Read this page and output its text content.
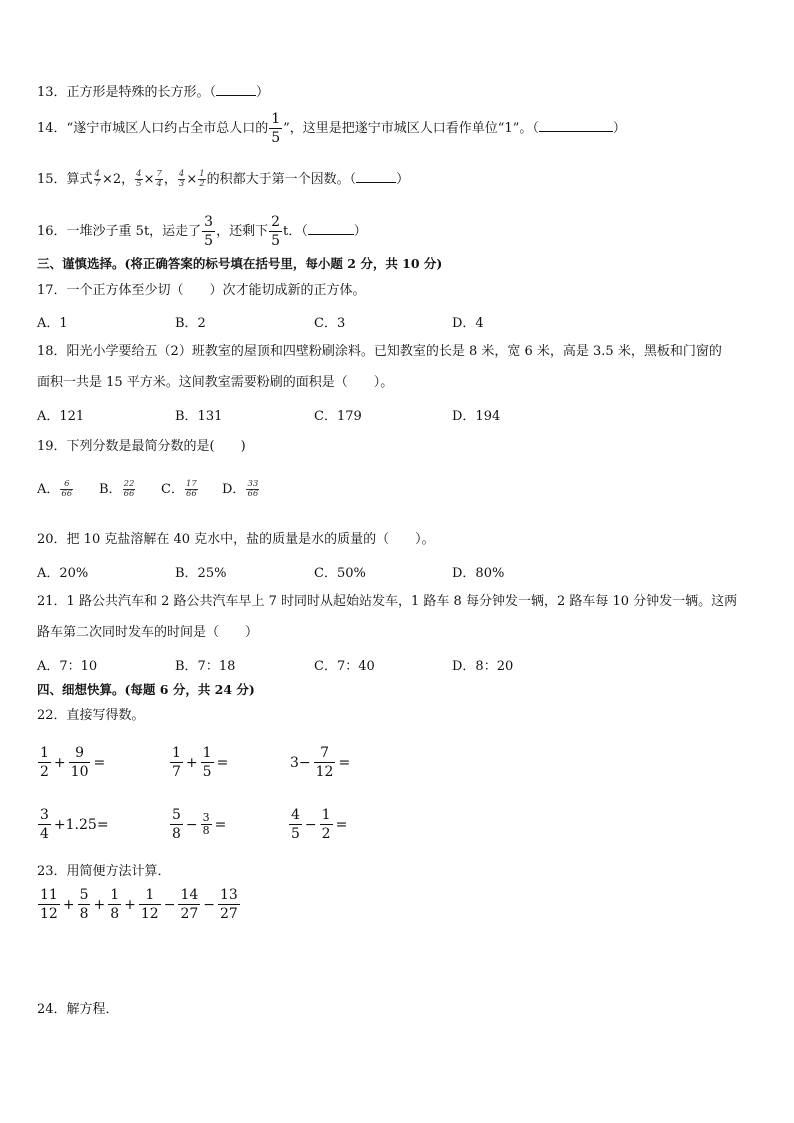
13．正方形是特殊的长方形。（	）
14．“遂宁市城区人口约占全市总人口的 $\frac{1}{5}$ ”，这里是把遂宁市城区人口看作单位“1”。（	）
15．算式 $\frac{4}{7} \times 2$， $\frac{4}{5} \times \frac{7}{4}$ ， $\frac{4}{3} \times \frac{1}{2}$ 的积都大于第一个因数。（	）
16．一堆沙子重 5t，运走了 $\frac{3}{5}$ ，还剩下 $\frac{2}{5}$ t．（	）
三、谨慎选择。(将正确答案的标号填在括号里，每小题 2 分，共 10 分)
17．一个正方体至少切（　　）次才能切成新的正方体。
A．1	B．2	C．3	D．4
18．阳光小学要给五（2）班教室的屋顶和四壁粉刷涂料。已知教室的长是 8 米，宽 6 米，高是 3.5 米，黑板和门窗的
面积一共是 15 平方米。这间教室需要粉刷的面积是（　　）。
A．121	B．131	C．179	D．194
19．下列分数是最简分数的是(　　)
A． $\frac{6}{66}$ B． $\frac{22}{66}$ C． $\frac{17}{66}$ D． $\frac{33}{66}$
20．把 10 克盐溶解在 40 克水中，盐的质量是水的质量的（　　）。
A．20%	B．25%	C．50%	D．80%
21．1 路公共汽车和 2 路公共汽车早上 7 时同时从起始站发车，1 路车 8 每分钟发一辆，2 路车每 10 分钟发一辆。这两
路车第二次同时发车的时间是（　　）
A．7：10	B．7：18	C．7：40	D．8：20
四、细想快算。(每题 6 分，共 24 分)
22．直接写得数。
$\frac{1}{2} + \frac{9}{10}$ =	$\frac{1}{7} + \frac{1}{5}$ =	$3- \frac{7}{12}$ =
$\frac{3}{4} +1.25=$	$\frac{5}{8} - \frac{3}{8}$ =	$\frac{4}{5} - \frac{1}{2}$ =
23．用简便方法计算．
$\frac{11}{12} + \frac{5}{8} + \frac{1}{8} + \frac{1}{12} - \frac{14}{27} - \frac{13}{27}$
24．解方程．
